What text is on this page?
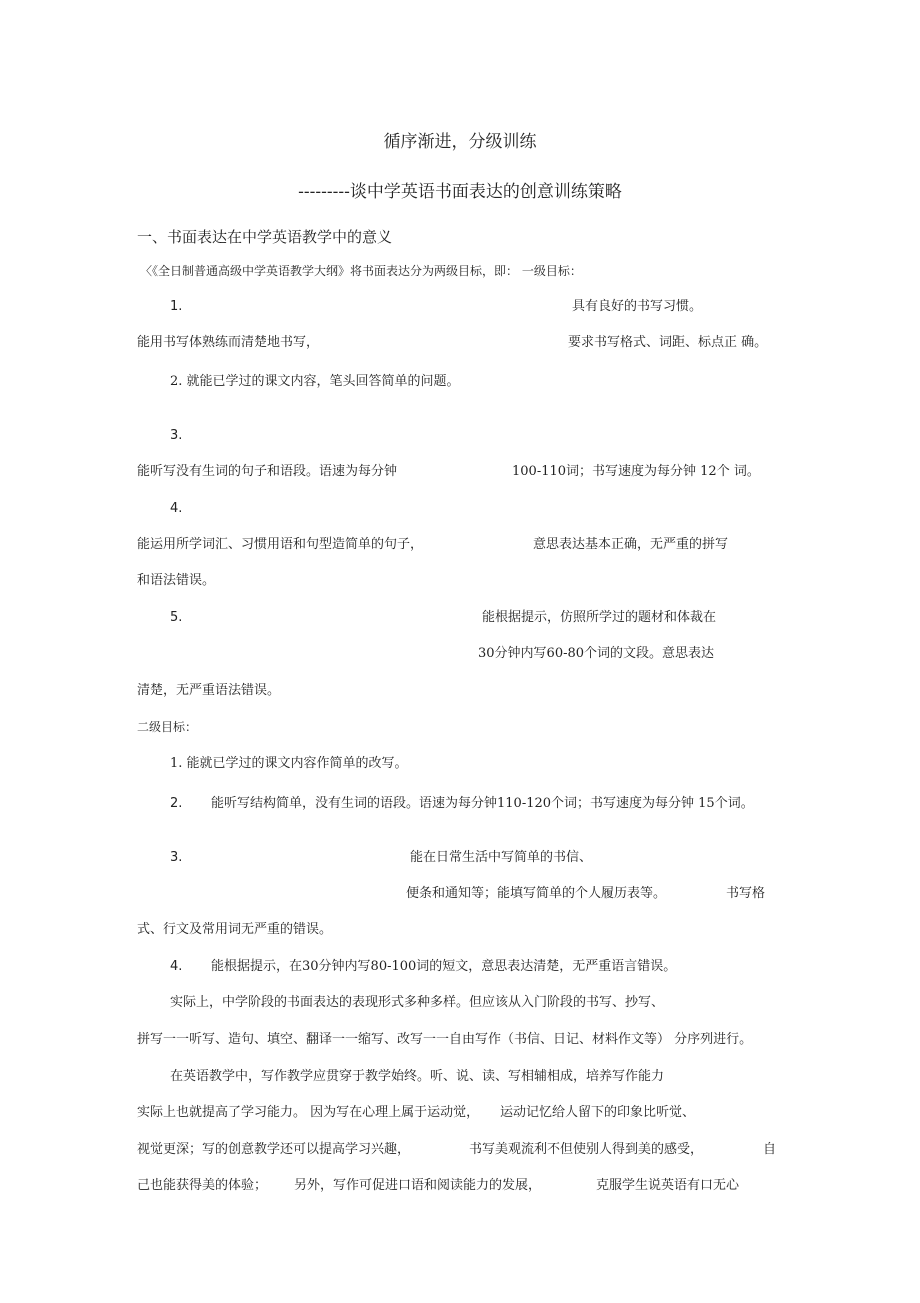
循序渐进，分级训练
---------谈中学英语书面表达的创意训练策略
一、书面表达在中学英语教学中的意义
〈《全日制普通高级中学英语教学大纲》将书面表达分为两级目标，即： 一级目标：
1.	具有良好的书写习惯。
能用书写体熟练而清楚地书写，	要求书写格式、词距、标点正 确。
2. 就能已学过的课文内容，笔头回答简单的问题。
3.
能听写没有生词的句子和语段。语速为每分钟	100-110词；书写速度为每分钟 12个 词。
4.
能运用所学词汇、习惯用语和句型造简单的句子，	意思表达基本正确，无严重的拼写
和语法错误。
5.	能根据提示，仿照所学过的题材和体裁在
30分钟内写60-80个词的文段。意思表达
清楚，无严重语法错误。
二级目标：
1. 能就已学过的课文内容作简单的改写。
2. 能听写结构简单，没有生词的语段。语速为每分钟110-120个词；书写速度为每分钟 15个词。
3.	能在日常生活中写简单的书信、
便条和通知等；能填写简单的个人履历表等。	书写格
式、行文及常用词无严重的错误。
4. 能根据提示，在30分钟内写80-100词的短文，意思表达清楚，无严重语言错误。
实际上，中学阶段的书面表达的表现形式多种多样。但应该从入门阶段的书写、抄写、
拼写一一听写、造句、填空、翻译一一缩写、改写一一自由写作（书信、日记、材料作文等） 分序列进行。
在英语教学中，写作教学应贯穿于教学始终。听、说、读、写相辅相成，培养写作能力
实际上也就提高了学习能力。 因为写在心理上属于运动觉， 运动记忆给人留下的印象比听觉、
视觉更深；写的创意教学还可以提高学习兴趣，	书写美观流利不但使别人得到美的感受，	自
己也能获得美的体验； 另外，写作可促进口语和阅读能力的发展，	克服学生说英语有口无心
